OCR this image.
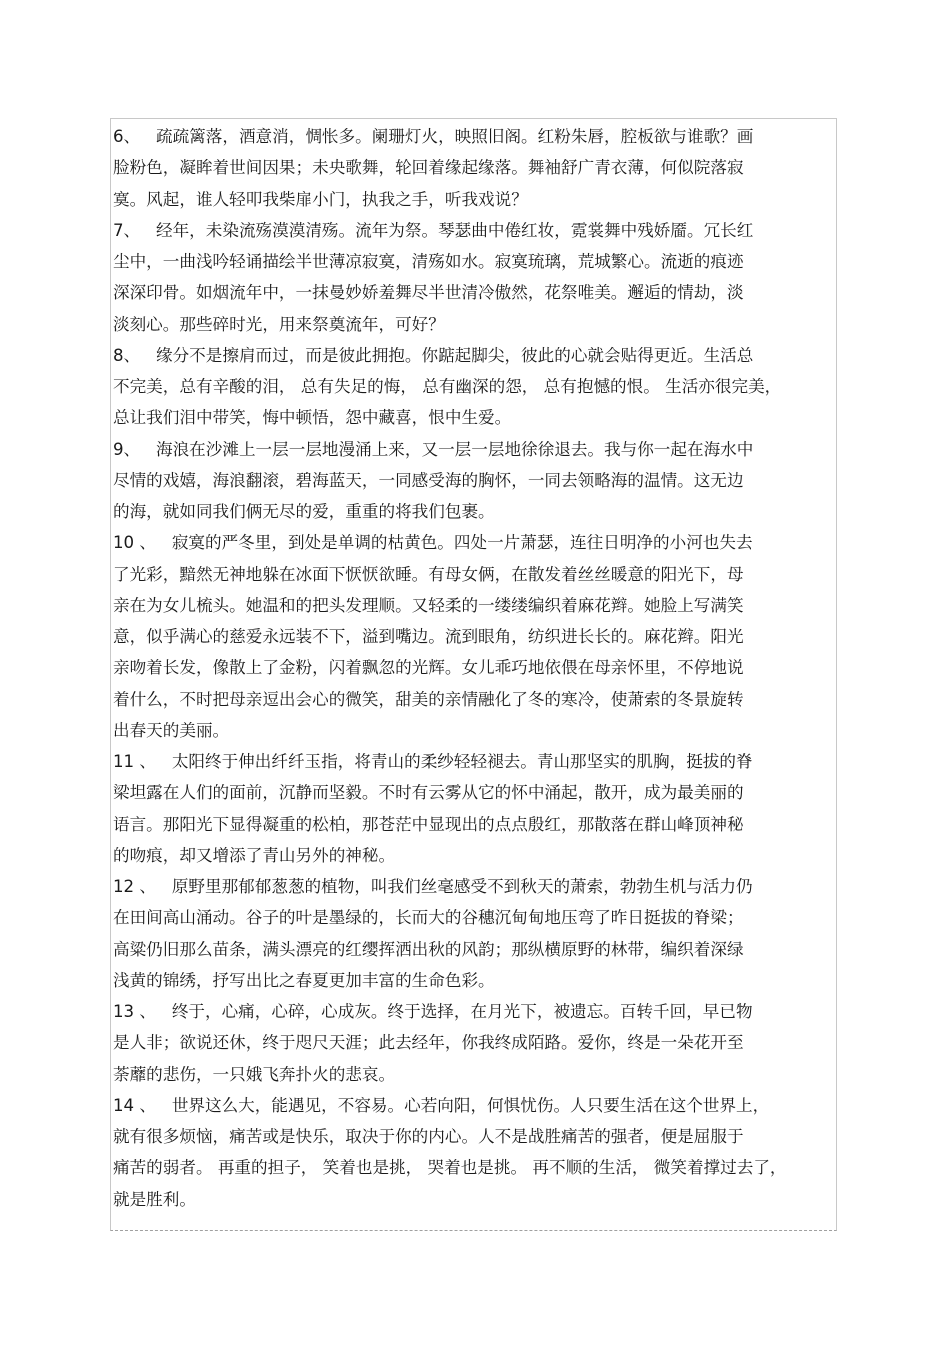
6、 疏疏篱落，酒意消，惆怅多。阑珊灯火，映照旧阁。红粉朱唇，腔板欲与谁歌？画
脸粉色，凝眸着世间因果；未央歌舞，轮回着缘起缘落。舞袖舒广青衣薄，何似院落寂
寞。风起，谁人轻叩我柴扉小门，执我之手，听我戏说？
7、 经年，未染流殇漠漠清殇。流年为祭。琴瑟曲中倦红妆，霓裳舞中残娇靥。冗长红
尘中，一曲浅吟轻诵描绘半世薄凉寂寞，清殇如水。寂寞琉璃，荒城繁心。流逝的痕迹
深深印骨。如烟流年中，一抹曼妙娇羞舞尽半世清冷傲然，花祭唯美。邂逅的情劫，淡
淡刻心。那些碎时光，用来祭奠流年，可好？
8、 缘分不是擦肩而过，而是彼此拥抱。你踮起脚尖，彼此的心就会贴得更近。生活总
不完美，总有辛酸的泪， 总有失足的悔， 总有幽深的怨， 总有抱憾的恨。 生活亦很完美，
总让我们泪中带笑，悔中顿悟，怨中藏喜，恨中生爱。
9、 海浪在沙滩上一层一层地漫涌上来，又一层一层地徐徐退去。我与你一起在海水中
尽情的戏嬉，海浪翻滚，碧海蓝天，一同感受海的胸怀，一同去领略海的温情。这无边
的海，就如同我们俩无尽的爱，重重的将我们包裹。
10 、 寂寞的严冬里，到处是单调的枯黄色。四处一片萧瑟，连往日明净的小河也失去
了光彩，黯然无神地躲在冰面下恹恹欲睡。有母女俩，在散发着丝丝暖意的阳光下，母
亲在为女儿梳头。她温和的把头发理顺。又轻柔的一缕缕编织着麻花辫。她脸上写满笑
意，似乎满心的慈爱永远装不下，溢到嘴边。流到眼角，纺织进长长的。麻花辫。阳光
亲吻着长发，像散上了金粉，闪着飘忽的光辉。女儿乖巧地依偎在母亲怀里，不停地说
着什么，不时把母亲逗出会心的微笑，甜美的亲情融化了冬的寒冷，使萧索的冬景旋转
出春天的美丽。
11 、 太阳终于伸出纤纤玉指，将青山的柔纱轻轻褪去。青山那坚实的肌胸，挺拔的脊
梁坦露在人们的面前，沉静而坚毅。不时有云雾从它的怀中涌起，散开，成为最美丽的
语言。那阳光下显得凝重的松柏，那苍茫中显现出的点点殷红，那散落在群山峰顶神秘
的吻痕，却又增添了青山另外的神秘。
12 、 原野里那郁郁葱葱的植物，叫我们丝毫感受不到秋天的萧索，勃勃生机与活力仍
在田间高山涌动。谷子的叶是墨绿的，长而大的谷穗沉甸甸地压弯了昨日挺拔的脊梁；
高粱仍旧那么苗条，满头漂亮的红缨挥洒出秋的风韵；那纵横原野的林带，编织着深绿
浅黄的锦绣，抒写出比之春夏更加丰富的生命色彩。
13 、 终于，心痛，心碎，心成灰。终于选择，在月光下，被遗忘。百转千回，早已物
是人非；欲说还休，终于咫尺天涯；此去经年，你我终成陌路。爱你，终是一朵花开至
荼蘼的悲伤，一只娥飞奔扑火的悲哀。
14 、 世界这么大，能遇见，不容易。心若向阳，何惧忧伤。人只要生活在这个世界上，
就有很多烦恼，痛苦或是快乐，取决于你的内心。人不是战胜痛苦的强者，便是屈服于
痛苦的弱者。 再重的担子， 笑着也是挑， 哭着也是挑。 再不顺的生活， 微笑着撑过去了，
就是胜利。
